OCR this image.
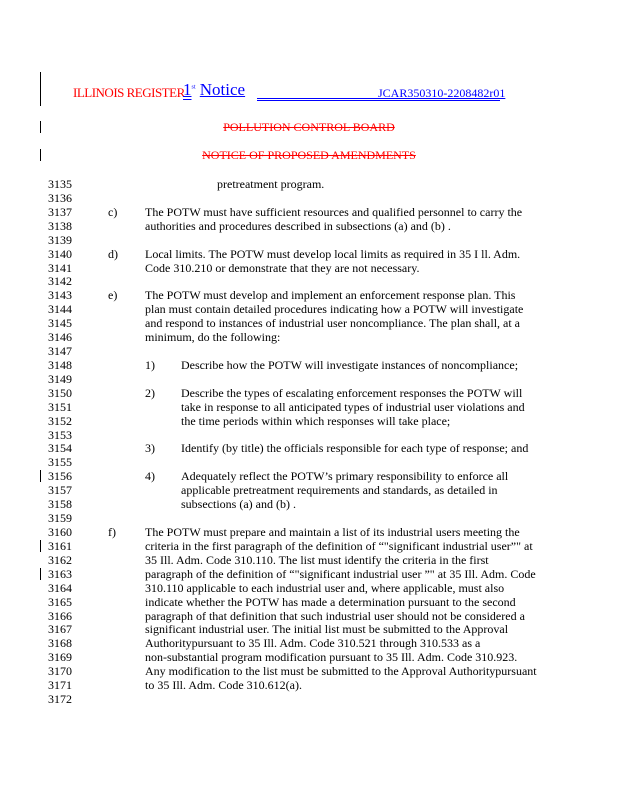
ILLINOIS REGISTER
1st Notice	JCAR350310-2208482r01
POLLUTION CONTROL BOARD
NOTICE OF PROPOSED AMENDMENTS
3135	pretreatment program.
3136
3137	c) The POTW must have sufficient resources and qualified personnel to carry the
3138	authorities and procedures described in subsections (a) and (b) .
3139
3140	d) Local limits. The POTW must develop local limits as required in 35 I ll. Adm.
3141	Code 310.210 or demonstrate that they are not necessary.
3142
3143	e) The POTW must develop and implement an enforcement response plan. This
3144	plan must contain detailed procedures indicating how a POTW will investigate
3145	and respond to instances of industrial user noncompliance. The plan shall, at a
3146	minimum, do the following:
3147
3148	1) Describe how the POTW will investigate instances of noncompliance;
3149
3150	2) Describe the types of escalating enforcement responses the POTW will
3151	take in response to all anticipated types of industrial user violations and
3152	the time periods within which responses will take place;
3153
3154	3) Identify (by title) the officials responsible for each type of response; and
3155
3156	4) Adequately reflect the POTW’s primary responsibility to enforce all
3157	applicable pretreatment requirements and standards, as detailed in
3158	subsections (a) and (b) .
3159
3160	f) The POTW must prepare and maintain a list of its industrial users meeting the
3161	criteria in the first paragraph of the definition of “"significant industrial user”" at
3162	35 Ill. Adm. Code 310.110. The list must identify the criteria in the first
3163	paragraph of the definition of “"significant industrial user ”" at 35 Ill. Adm. Code
3164	310.110 applicable to each industrial user and, where applicable, must also
3165	indicate whether the POTW has made a determination pursuant to the second
3166	paragraph of that definition that such industrial user should not be considered a
3167	significant industrial user. The initial list must be submitted to the Approval
3168	Authoritypursuant to 35 Ill. Adm. Code 310.521 through 310.533 as a
3169	non-substantial program modification pursuant to 35 Ill. Adm. Code 310.923.
3170	Any modification to the list must be submitted to the Approval Authoritypursuant
3171	to 35 Ill. Adm. Code 310.612(a).
3172
